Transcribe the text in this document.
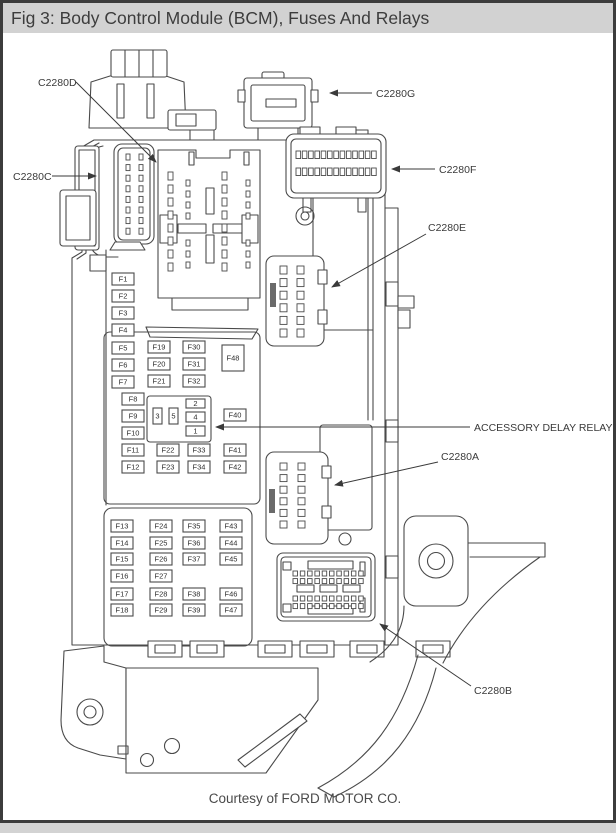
Fig 3: Body Control Module (BCM), Fuses And Relays
F1
F2
F3
F4
F5
F6
F7
F8
F9
F10
F11
F12
F13
F14
F15
F16
F17
F18
F19
F20
F21
F22
F23
F24
F25
F26
F27
F28
F29
F30
F31
F32
F33
F34
F35
F36
F37
F38
F39
F40
F41
F42
F43
F44
F45
F46
F47
F48
3 5
2
4
1
C2280D
C2280C
C2280G
C2280F
C2280E
ACCESSORY DELAY RELAY
C2280A
C2280B
Courtesy of FORD MOTOR CO.
